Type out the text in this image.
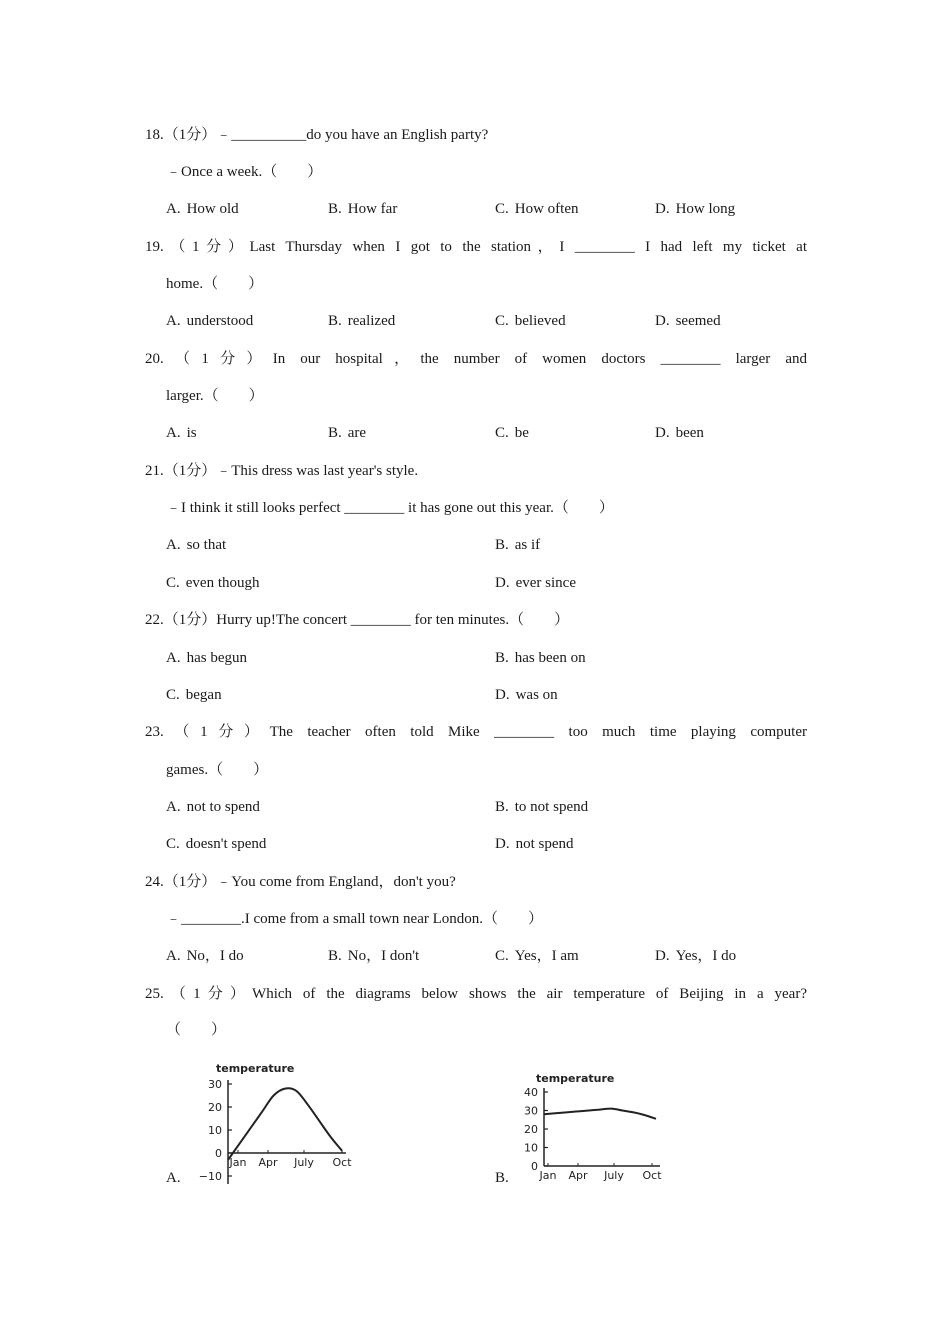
18.（1分）﹣__________do you have an English party?
﹣Once a week.（　　）
A. How old	B. How far	C. How often	D. How long
19.（1分）Last Thursday when I got to the station，I ________ I had left my ticket at
home.（　　）
A. understood	B. realized	C. believed	D. seemed
20.（1分）In our hospital，the number of women doctors ________ larger and
larger.（　　）
A. is	B. are	C. be	D. been
21.（1分）﹣This dress was last year's style.
﹣I think it still looks perfect ________ it has gone out this year.（　　）
A. so that	B. as if
C. even though	D. ever since
22.（1分）Hurry up!The concert ________ for ten minutes.（　　）
A. has begun	B. has been on
C. began	D. was on
23.（1分）The teacher often told Mike ________ too much time playing computer
games.（　　）
A. not to spend	B. to not spend
C. doesn't spend	D. not spend
24.（1分）﹣You come from England，don't you?
﹣________.I come from a small town near London.（　　）
A. No，I do	B. No，I don't	C. Yes，I am	D. Yes，I do
25.（1分）Which of the diagrams below shows the air temperature of Beijing in a year?
（　　）
A.	B.
temperature
30
20
10
0
−10
Jan Apr July Oct
temperature
40
30
20
10
0
Jan Apr July Oct
